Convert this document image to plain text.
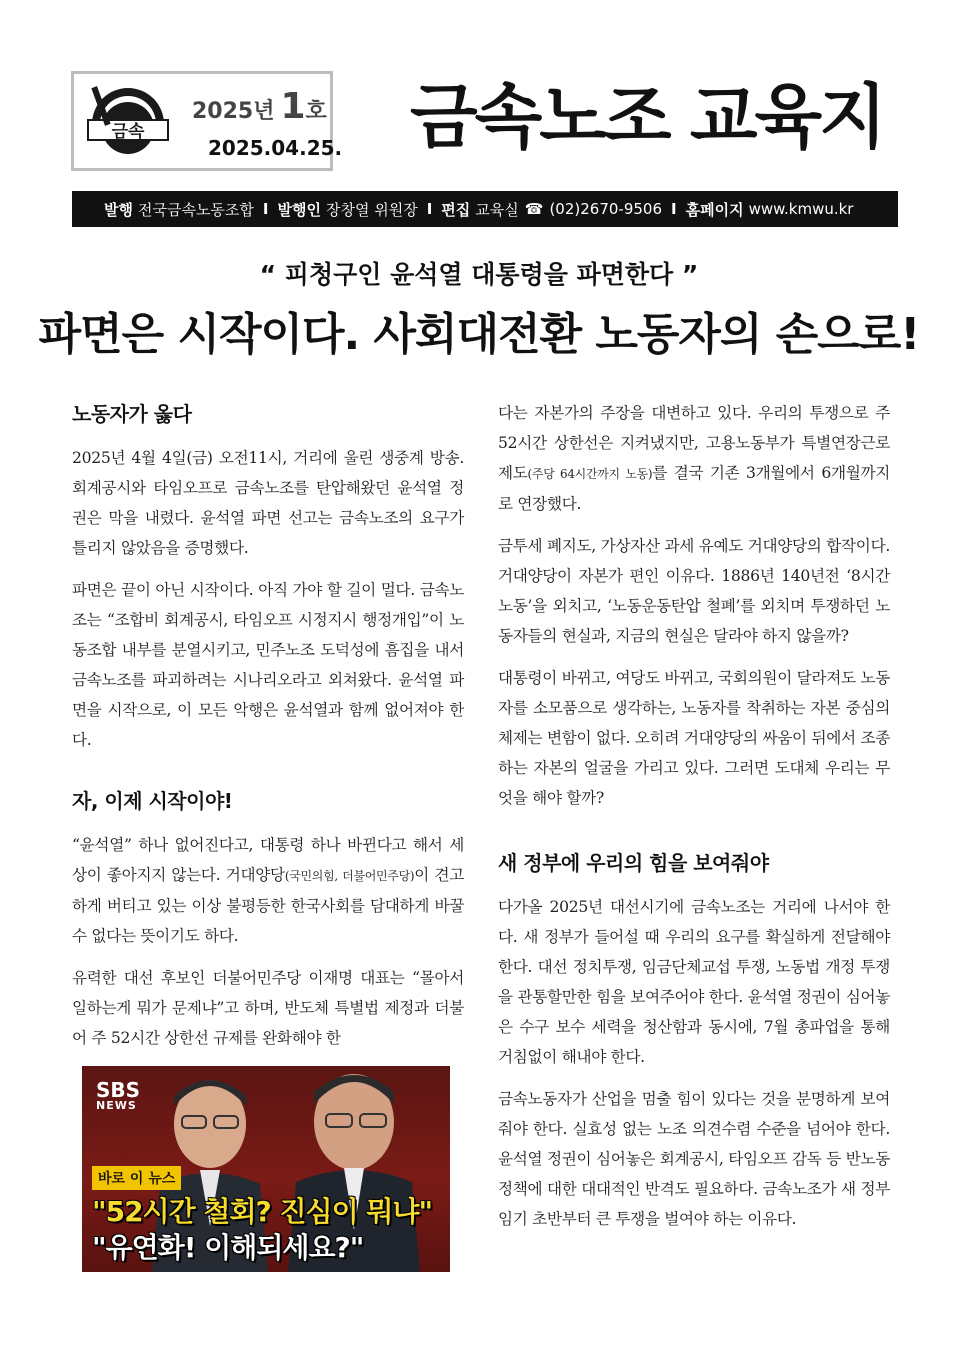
금속
2025년 1호
2025.04.25. 금속노조 교육지
발행 전국금속노동조합 I 발행인 장창열 위원장 I 편집 교육실 ☎ (02)2670-9506 I 홈페이지 www.kmwu.kr
“ 피청구인 윤석열 대통령을 파면한다 ”
파면은 시작이다. 사회대전환 노동자의 손으로!
노동자가 옳다

2025년 4월 4일(금) 오전11시, 거리에 울린 생중계 방송. 회계공시와 타임오프로 금속노조를 탄압해왔던 윤석열 정권은 막을 내렸다. 윤석열 파면 선고는 금속노조의 요구가 틀리지 않았음을 증명했다.

파면은 끝이 아닌 시작이다. 아직 가야 할 길이 멀다. 금속노조는 “조합비 회계공시, 타임오프 시정지시 행정개입”이 노동조합 내부를 분열시키고, 민주노조 도덕성에 흠집을 내서 금속노조를 파괴하려는 시나리오라고 외쳐왔다. 윤석열 파면을 시작으로, 이 모든 악행은 윤석열과 함께 없어져야 한다.

자, 이제 시작이야!

“윤석열” 하나 없어진다고, 대통령 하나 바뀐다고 해서 세상이 좋아지지 않는다. 거대양당(국민의힘, 더불어민주당)이 견고하게 버티고 있는 이상 불평등한 한국사회를 담대하게 바꿀 수 없다는 뜻이기도 하다.

유력한 대선 후보인 더불어민주당 이재명 대표는 “몰아서 일하는게 뭐가 문제냐”고 하며, 반도체 특별법 제정과 더불어 주 52시간 상한선 규제를 완화해야 한

SBS
NEWS
바로 이 뉴스
"52시간 철회? 진심이 뭐냐"
"유연화! 이해되세요?"

다는 자본가의 주장을 대변하고 있다. 우리의 투쟁으로 주 52시간 상한선은 지켜냈지만, 고용노동부가 특별연장근로제도(주당 64시간까지 노동)를 결국 기존 3개월에서 6개월까지로 연장했다.

금투세 폐지도, 가상자산 과세 유예도 거대양당의 합작이다. 거대양당이 자본가 편인 이유다. 1886년 140년전 ‘8시간 노동’을 외치고, ‘노동운동탄압 철폐’를 외치며 투쟁하던 노동자들의 현실과, 지금의 현실은 달라야 하지 않을까?

대통령이 바뀌고, 여당도 바뀌고, 국회의원이 달라져도 노동자를 소모품으로 생각하는, 노동자를 착취하는 자본 중심의 체제는 변함이 없다. 오히려 거대양당의 싸움이 뒤에서 조종하는 자본의 얼굴을 가리고 있다. 그러면 도대체 우리는 무엇을 해야 할까?

새 정부에 우리의 힘을 보여줘야

다가올 2025년 대선시기에 금속노조는 거리에 나서야 한다. 새 정부가 들어설 때 우리의 요구를 확실하게 전달해야 한다. 대선 정치투쟁, 임금단체교섭 투쟁, 노동법 개정 투쟁을 관통할만한 힘을 보여주어야 한다. 윤석열 정권이 심어놓은 수구 보수 세력을 청산함과 동시에, 7월 총파업을 통해 거침없이 해내야 한다.

금속노동자가 산업을 멈출 힘이 있다는 것을 분명하게 보여줘야 한다. 실효성 없는 노조 의견수렴 수준을 넘어야 한다. 윤석열 정권이 심어놓은 회계공시, 타임오프 감독 등 반노동 정책에 대한 대대적인 반격도 필요하다. 금속노조가 새 정부 임기 초반부터 큰 투쟁을 벌여야 하는 이유다.
